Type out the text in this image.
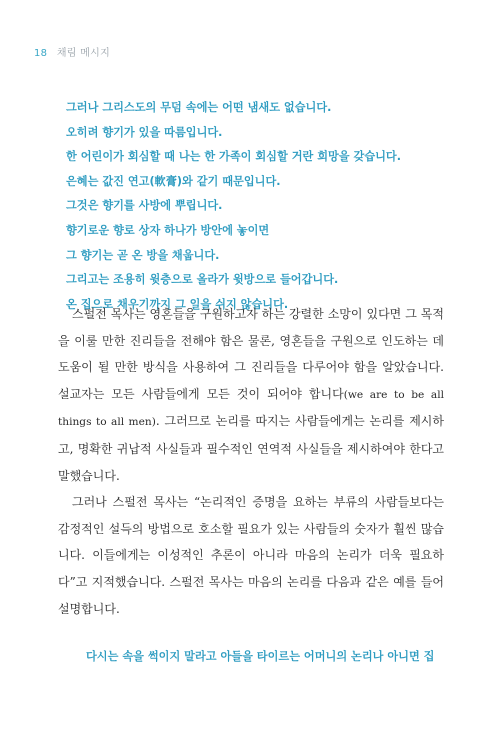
18 채림 메시지
그러나 그리스도의 무덤 속에는 어떤 냄새도 없습니다.
오히려 향기가 있을 따름입니다.
한 어린이가 회심할 때 나는 한 가족이 회심할 거란 희망을 갖습니다.
은혜는 값진 연고(軟膏)와 같기 때문입니다.
그것은 향기를 사방에 뿌립니다.
향기로운 향로 상자 하나가 방안에 놓이면
그 향기는 곧 온 방을 채웁니다.
그리고는 조용히 윗층으로 올라가 윗방으로 들어갑니다.
온 집으로 채우기까지 그 일을 쉬지 않습니다.

스펄전 목사는 영혼들을 구원하고자 하는 강렬한 소망이 있다면 그 목적을 이룰 만한 진리들을 전해야 함은 물론, 영혼들을 구원으로 인도하는 데 도움이 될 만한 방식을 사용하여 그 진리들을 다루어야 함을 알았습니다. 설교자는 모든 사람들에게 모든 것이 되어야 합니다(we are to be all things to all men). 그러므로 논리를 따지는 사람들에게는 논리를 제시하고, 명확한 귀납적 사실들과 필수적인 연역적 사실들을 제시하여야 한다고 말했습니다.

그러나 스펄전 목사는 “논리적인 증명을 요하는 부류의 사람들보다는 감정적인 설득의 방법으로 호소할 필요가 있는 사람들의 숫자가 훨씬 많습니다. 이들에게는 이성적인 추론이 아니라 마음의 논리가 더욱 필요하다”고 지적했습니다. 스펄전 목사는 마음의 논리를 다음과 같은 예를 들어 설명합니다.

다시는 속을 썩이지 말라고 아들을 타이르는 어머니의 논리나 아니면 집
